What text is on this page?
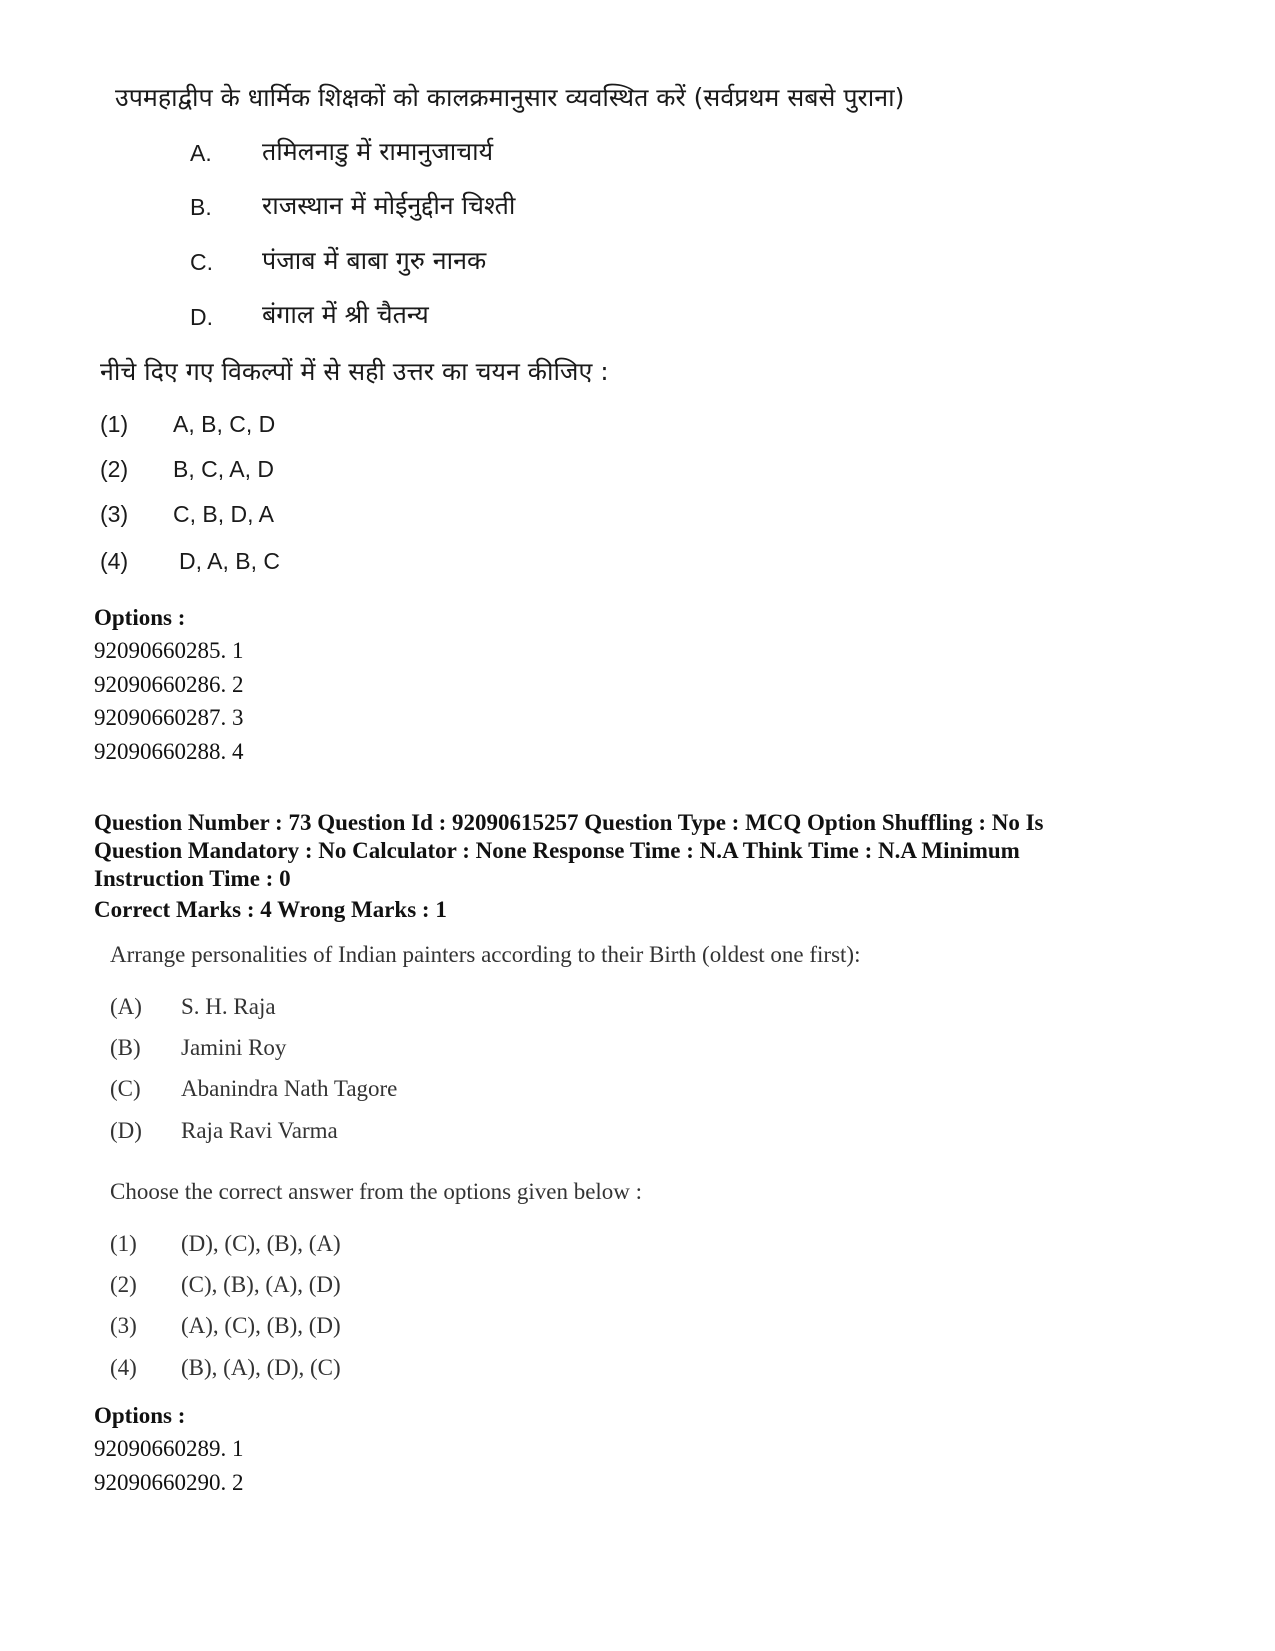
उपमहाद्वीप के धार्मिक शिक्षकों को कालक्रमानुसार व्यवस्थित करें (सर्वप्रथम सबसे पुराना)
A. तमिलनाडु में रामानुजाचार्य
B. राजस्थान में मोईनुद्दीन चिश्ती
C. पंजाब में बाबा गुरु नानक
D. बंगाल में श्री चैतन्य
नीचे दिए गए विकल्पों में से सही उत्तर का चयन कीजिए :
(1) A, B, C, D
(2) B, C, A, D
(3) C, B, D, A
(4) D, A, B, C
Options :
92090660285. 1
92090660286. 2
92090660287. 3
92090660288. 4
Question Number : 73 Question Id : 92090615257 Question Type : MCQ Option Shuffling : No Is
Question Mandatory : No Calculator : None Response Time : N.A Think Time : N.A Minimum
Instruction Time : 0
Correct Marks : 4 Wrong Marks : 1
Arrange personalities of Indian painters according to their Birth (oldest one first):
(A) S. H. Raja
(B) Jamini Roy
(C) Abanindra Nath Tagore
(D) Raja Ravi Varma
Choose the correct answer from the options given below :
(1) (D), (C), (B), (A)
(2) (C), (B), (A), (D)
(3) (A), (C), (B), (D)
(4) (B), (A), (D), (C)
Options :
92090660289. 1
92090660290. 2
